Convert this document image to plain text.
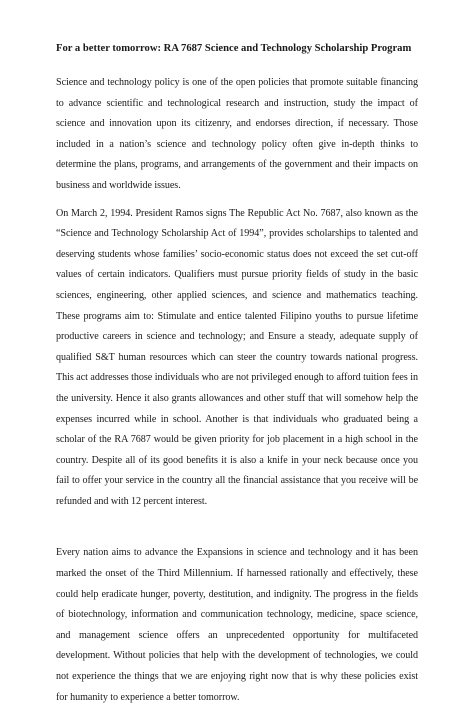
For a better tomorrow: RA 7687 Science and Technology Scholarship Program

Science and technology policy is one of the open policies that promote suitable financing to advance scientific and technological research and instruction, study the impact of science and innovation upon its citizenry, and endorses direction, if necessary. Those included in a nation’s science and technology policy often give in-depth thinks to determine the plans, programs, and arrangements of the government and their impacts on business and worldwide issues.

On March 2, 1994. President Ramos signs The Republic Act No. 7687, also known as the “Science and Technology Scholarship Act of 1994”, provides scholarships to talented and deserving students whose families’ socio-economic status does not exceed the set cut-off values of certain indicators. Qualifiers must pursue priority fields of study in the basic sciences, engineering, other applied sciences, and science and mathematics teaching. These programs aim to: Stimulate and entice talented Filipino youths to pursue lifetime productive careers in science and technology; and Ensure a steady, adequate supply of qualified S&T human resources which can steer the country towards national progress. This act addresses those individuals who are not privileged enough to afford tuition fees in the university. Hence it also grants allowances and other stuff that will somehow help the expenses incurred while in school. Another is that individuals who graduated being a scholar of the RA 7687 would be given priority for job placement in a high school in the country. Despite all of its good benefits it is also a knife in your neck because once you fail to offer your service in the country all the financial assistance that you receive will be refunded and with 12 percent interest.

Every nation aims to advance the Expansions in science and technology and it has been marked the onset of the Third Millennium. If harnessed rationally and effectively, these could help eradicate hunger, poverty, destitution, and indignity. The progress in the fields of biotechnology, information and communication technology, medicine, space science, and management science offers an unprecedented opportunity for multifaceted development. Without policies that help with the development of technologies, we could not experience the things that we are enjoying right now that is why these policies exist for humanity to experience a better tomorrow.
